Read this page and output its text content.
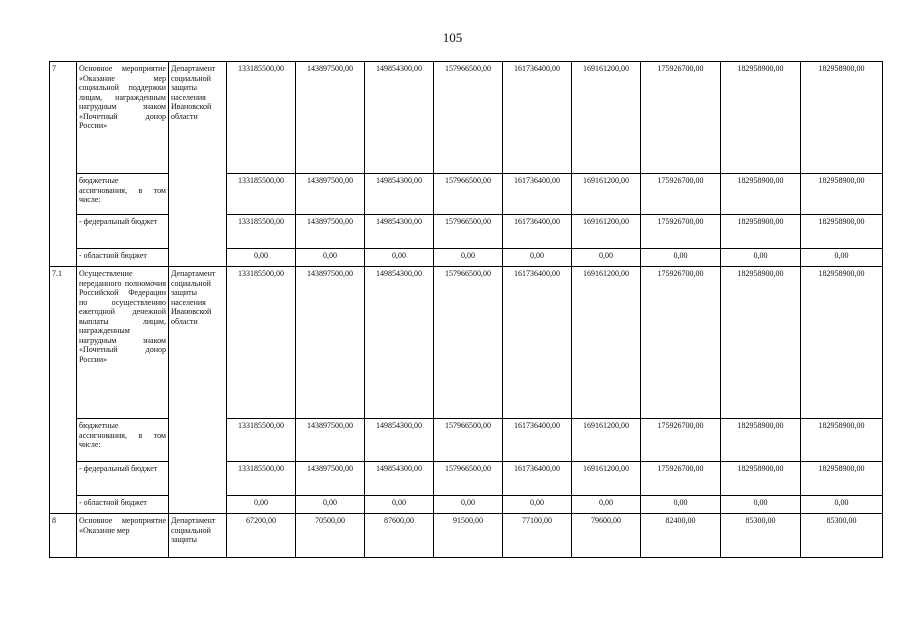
105
7	Основное мероприятие «Оказание мер социальной поддержки лицам, награжденным нагрудным знаком «Почетный донор России»	Департамент социальной защиты населения Ивановской области	133185500,00	143897500,00	149854300,00	157966500,00	161736400,00	169161200,00	175926700,00	182958900,00	182958900,00
	бюджетные ассигнования, в том числе:		133185500,00	143897500,00	149854300,00	157966500,00	161736400,00	169161200,00	175926700,00	182958900,00	182958900,00
	- федеральный бюджет		133185500,00	143897500,00	149854300,00	157966500,00	161736400,00	169161200,00	175926700,00	182958900,00	182958900,00
	- областной бюджет		0,00	0,00	0,00	0,00	0,00	0,00	0,00	0,00	0,00
7.1	Осуществление переданного полномочия Российской Федерации по осуществлению ежегодной денежной выплаты лицам, награжденным нагрудным знаком «Почетный донор России»	Департамент социальной защиты населения Ивановской области	133185500,00	143897500,00	149854300,00	157966500,00	161736400,00	169161200,00	175926700,00	182958900,00	182958900,00
	бюджетные ассигнования, в том числе:		133185500,00	143897500,00	149854300,00	157966500,00	161736400,00	169161200,00	175926700,00	182958900,00	182958900,00
	- федеральный бюджет		133185500,00	143897500,00	149854300,00	157966500,00	161736400,00	169161200,00	175926700,00	182958900,00	182958900,00
	- областной бюджет		0,00	0,00	0,00	0,00	0,00	0,00	0,00	0,00	0,00
8	Основное мероприятие «Оказание мер	Департамент социальной защиты	67200,00	70500,00	87600,00	91500,00	77100,00	79600,00	82400,00	85300,00	85300,00
